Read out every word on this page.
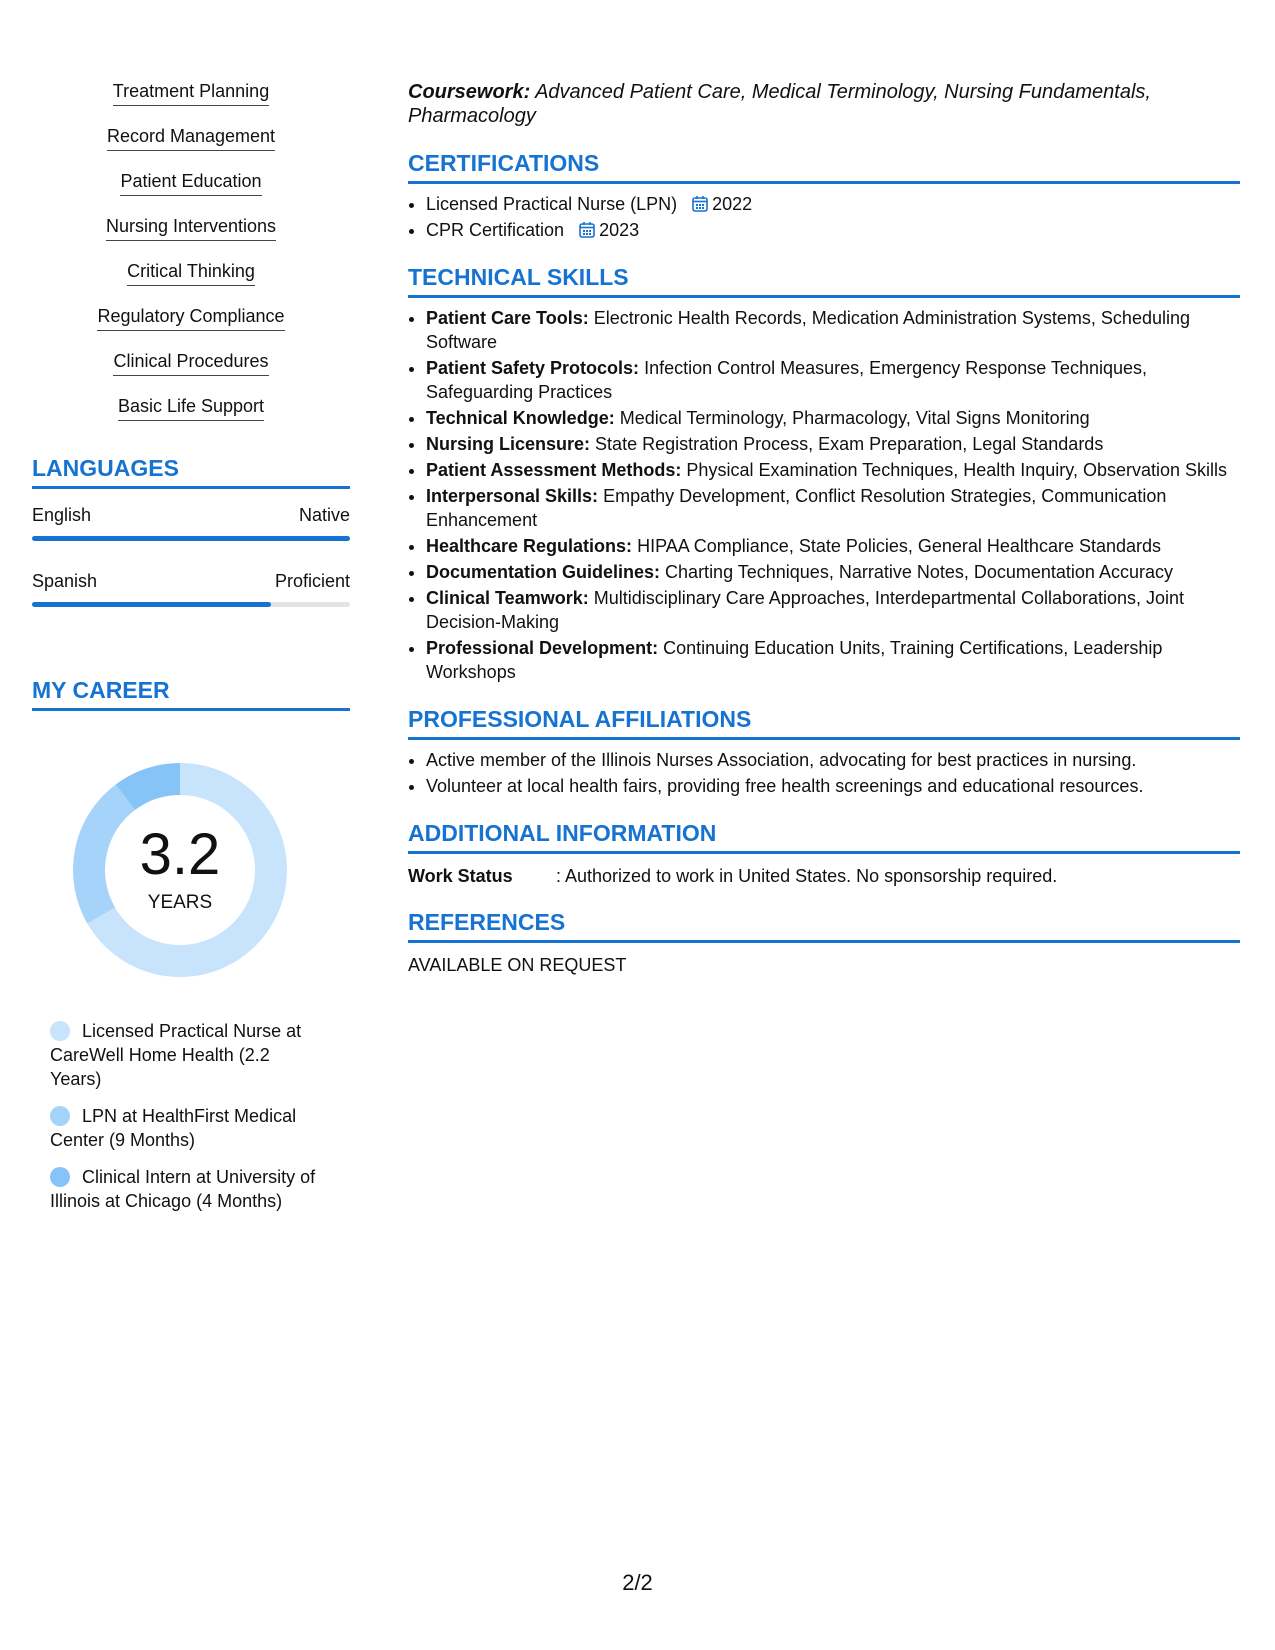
Treatment Planning
Record Management
Patient Education
Nursing Interventions
Critical Thinking
Regulatory Compliance
Clinical Procedures
Basic Life Support
LANGUAGES
English	Native
Spanish	Proficient
MY CAREER
3.2
YEARS
Licensed Practical Nurse at CareWell Home Health (2.2 Years)
LPN at HealthFirst Medical Center (9 Months)
Clinical Intern at University of Illinois at Chicago (4 Months)

Coursework: Advanced Patient Care, Medical Terminology, Nursing Fundamentals, Pharmacology

CERTIFICATIONS
• Licensed Practical Nurse (LPN) 2022
• CPR Certification 2023
TECHNICAL SKILLS
• Patient Care Tools: Electronic Health Records, Medication Administration Systems, Scheduling Software
• Patient Safety Protocols: Infection Control Measures, Emergency Response Techniques, Safeguarding Practices
• Technical Knowledge: Medical Terminology, Pharmacology, Vital Signs Monitoring
• Nursing Licensure: State Registration Process, Exam Preparation, Legal Standards
• Patient Assessment Methods: Physical Examination Techniques, Health Inquiry, Observation Skills
• Interpersonal Skills: Empathy Development, Conflict Resolution Strategies, Communication Enhancement
• Healthcare Regulations: HIPAA Compliance, State Policies, General Healthcare Standards
• Documentation Guidelines: Charting Techniques, Narrative Notes, Documentation Accuracy
• Clinical Teamwork: Multidisciplinary Care Approaches, Interdepartmental Collaborations, Joint Decision-Making
• Professional Development: Continuing Education Units, Training Certifications, Leadership Workshops
PROFESSIONAL AFFILIATIONS
• Active member of the Illinois Nurses Association, advocating for best practices in nursing.
• Volunteer at local health fairs, providing free health screenings and educational resources.
ADDITIONAL INFORMATION
Work Status	: Authorized to work in United States. No sponsorship required.
REFERENCES
AVAILABLE ON REQUEST
2/2
